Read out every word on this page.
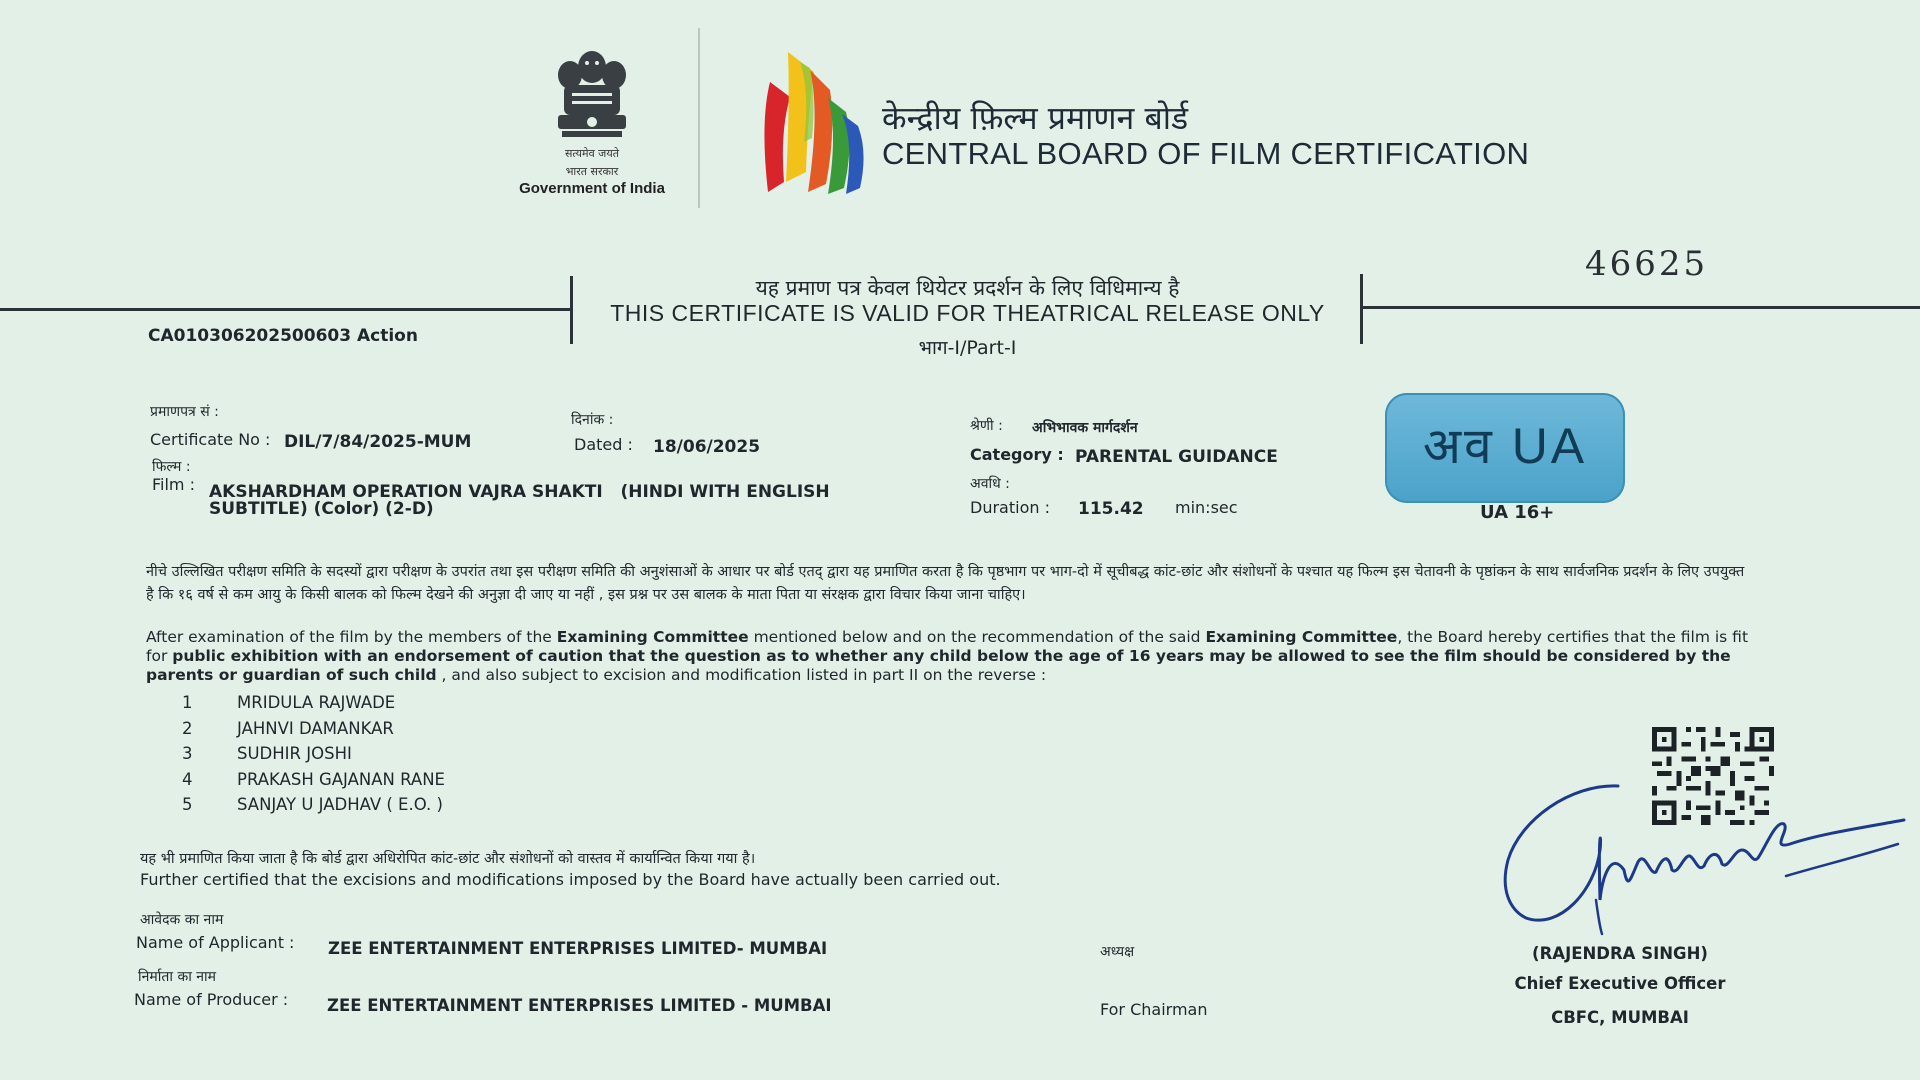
सत्यमेव जयते
भारत सरकार
Government of India
केन्द्रीय फ़िल्म प्रमाणन बोर्ड
CENTRAL BOARD OF FILM CERTIFICATION
46625
यह प्रमाण पत्र केवल थियेटर प्रदर्शन के लिए विधिमान्य है
THIS CERTIFICATE IS VALID FOR THEATRICAL RELEASE ONLY
भाग-I/Part-I
CA010306202500603 Action
प्रमाणपत्र सं :
Certificate No : DIL/7/84/2025-MUM
दिनांक :
Dated : 18/06/2025
श्रेणी : अभिभावक मार्गदर्शन
Category : PARENTAL GUIDANCE
फिल्म :
Film : AKSHARDHAM OPERATION VAJRA SHAKTI   (HINDI WITH ENGLISH
SUBTITLE) (Color) (2-D)
अवधि :
Duration : 115.42 min:sec
अव UA
UA 16+
नीचे उल्लिखित परीक्षण समिति के सदस्यों द्वारा परीक्षण के उपरांत तथा इस परीक्षण समिति की अनुशंसाओं के आधार पर बोर्ड एतद् द्वारा यह प्रमाणित करता है कि पृष्ठभाग पर भाग-दो में सूचीबद्ध कांट-छांट और संशोधनों के पश्चात यह फिल्म इस चेतावनी के पृष्ठांकन के साथ सार्वजनिक प्रदर्शन के लिए उपयुक्त है कि १६ वर्ष से कम आयु के किसी बालक को फिल्म देखने की अनुज्ञा दी जाए या नहीं , इस प्रश्न पर उस बालक के माता पिता या संरक्षक द्वारा विचार किया जाना चाहिए।
After examination of the film by the members of the Examining Committee mentioned below and on the recommendation of the said Examining Committee, the Board hereby certifies that the film is fit for public exhibition with an endorsement of caution that the question as to whether any child below the age of 16 years may be allowed to see the film should be considered by the parents or guardian of such child , and also subject to excision and modification listed in part II on the reverse :
1	MRIDULA RAJWADE
2	JAHNVI DAMANKAR
3	SUDHIR JOSHI
4	PRAKASH GAJANAN RANE
5	SANJAY U JADHAV ( E.O. )
यह भी प्रमाणित किया जाता है कि बोर्ड द्वारा अधिरोपित कांट-छांट और संशोधनों को वास्तव में कार्यान्वित किया गया है।
Further certified that the excisions and modifications imposed by the Board have actually been carried out.
आवेदक का नाम
Name of Applicant : ZEE ENTERTAINMENT ENTERPRISES LIMITED- MUMBAI
निर्माता का नाम
Name of Producer : ZEE ENTERTAINMENT ENTERPRISES LIMITED - MUMBAI
अध्यक्ष
For Chairman
(RAJENDRA SINGH)
Chief Executive Officer
CBFC, MUMBAI
